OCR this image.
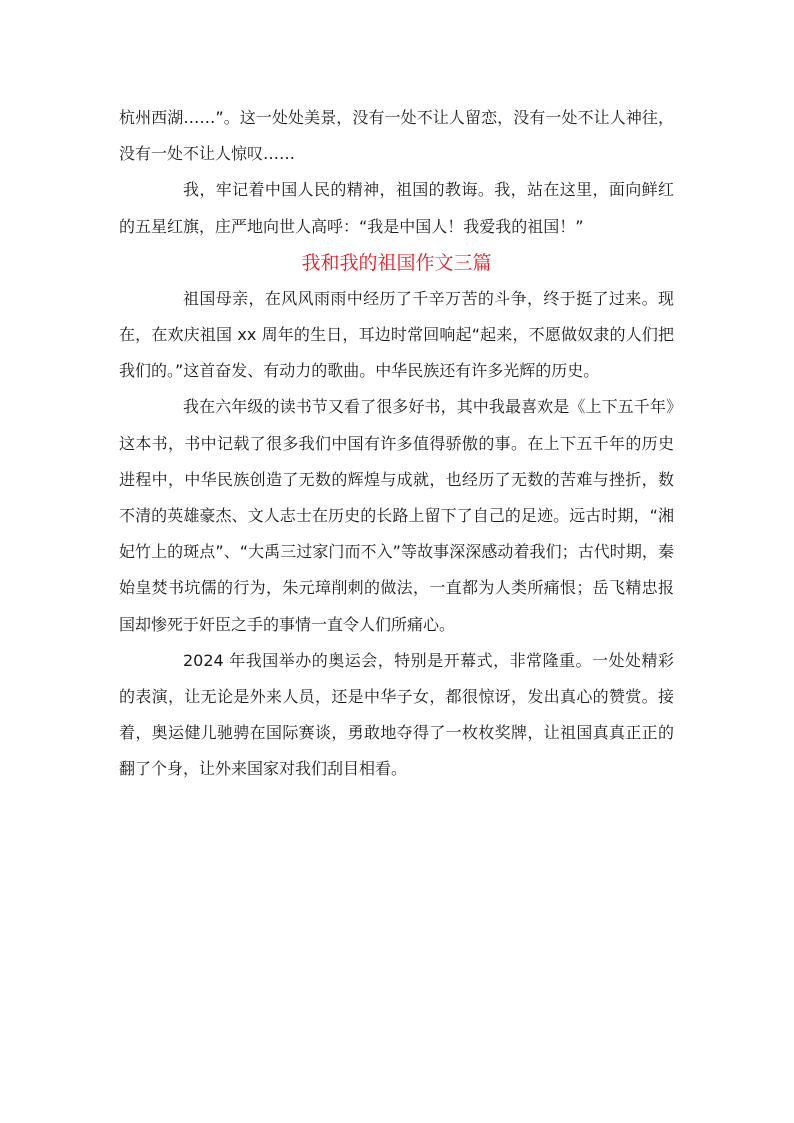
杭州西湖……”。这一处处美景，没有一处不让人留恋，没有一处不让人神往，没有一处不让人惊叹……

我，牢记着中国人民的精神，祖国的教诲。我，站在这里，面向鲜红的五星红旗，庄严地向世人高呼：“我是中国人！我爱我的祖国！”

我和我的祖国作文三篇

祖国母亲，在风风雨雨中经历了千辛万苦的斗争，终于挺了过来。现在，在欢庆祖国 xx 周年的生日，耳边时常回响起“起来，不愿做奴隶的人们把我们的。”这首奋发、有动力的歌曲。中华民族还有许多光辉的历史。

我在六年级的读书节又看了很多好书，其中我最喜欢是《上下五千年》这本书，书中记载了很多我们中国有许多值得骄傲的事。在上下五千年的历史进程中，中华民族创造了无数的辉煌与成就，也经历了无数的苦难与挫折，数不清的英雄豪杰、文人志士在历史的长路上留下了自己的足迹。远古时期，“湘妃竹上的斑点”、“大禹三过家门而不入”等故事深深感动着我们；古代时期，秦始皇焚书坑儒的行为，朱元璋削刺的做法，一直都为人类所痛恨；岳飞精忠报国却惨死于奸臣之手的事情一直令人们所痛心。

2024 年我国举办的奥运会，特别是开幕式，非常隆重。一处处精彩的表演，让无论是外来人员，还是中华子女，都很惊讶，发出真心的赞赏。接着，奥运健儿驰骋在国际赛谈，勇敢地夺得了一枚枚奖牌，让祖国真真正正的翻了个身，让外来国家对我们刮目相看。
